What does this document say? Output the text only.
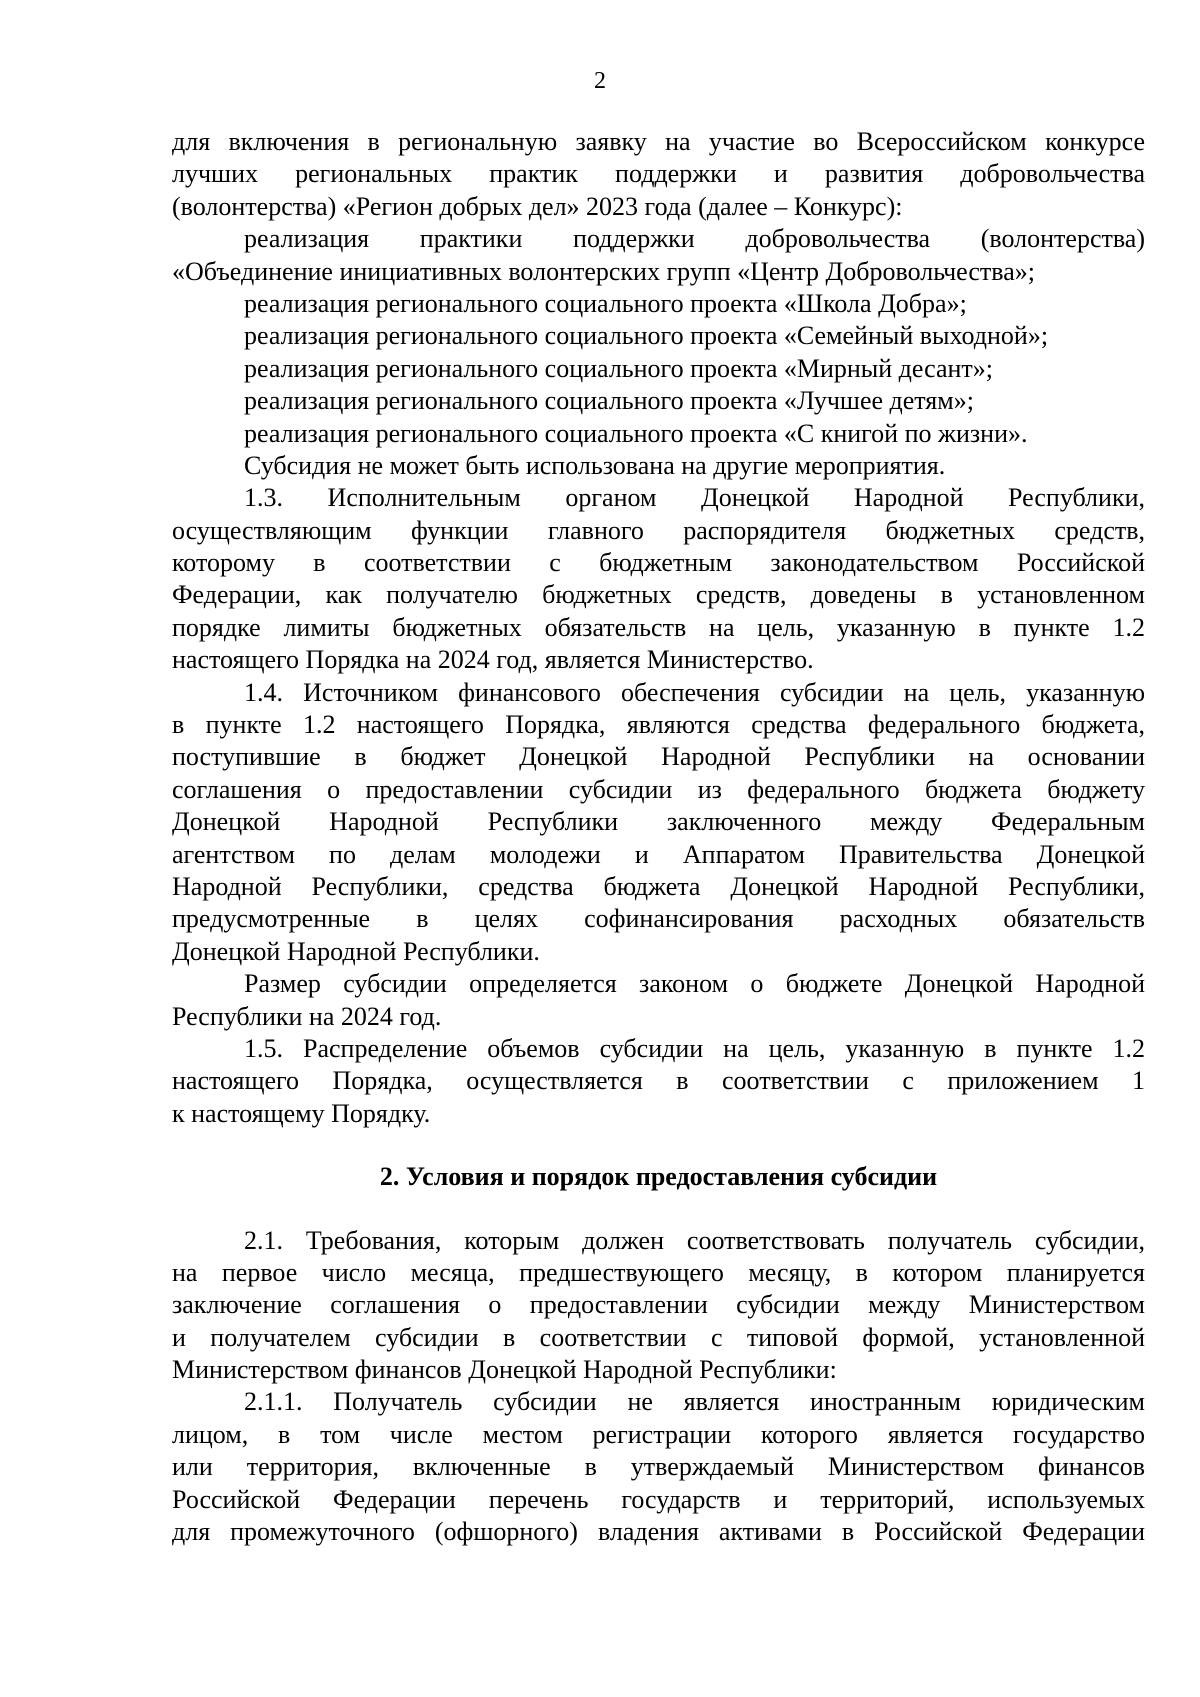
2
для включения в региональную заявку на участие во Всероссийском конкурсе
лучших региональных практик поддержки и развития добровольчества
(волонтерства) «Регион добрых дел» 2023 года (далее – Конкурс):
реализация практики поддержки добровольчества (волонтерства)
«Объединение инициативных волонтерских групп «Центр Добровольчества»;
реализация регионального социального проекта «Школа Добра»;
реализация регионального социального проекта «Семейный выходной»;
реализация регионального социального проекта «Мирный десант»;
реализация регионального социального проекта «Лучшее детям»;
реализация регионального социального проекта «С книгой по жизни».
Субсидия не может быть использована на другие мероприятия.
1.3. Исполнительным органом Донецкой Народной Республики,
осуществляющим функции главного распорядителя бюджетных средств,
которому в соответствии с бюджетным законодательством Российской
Федерации, как получателю бюджетных средств, доведены в установленном
порядке лимиты бюджетных обязательств на цель, указанную в пункте 1.2
настоящего Порядка на 2024 год, является Министерство.
1.4. Источником финансового обеспечения субсидии на цель, указанную
в пункте 1.2 настоящего Порядка, являются средства федерального бюджета,
поступившие в бюджет Донецкой Народной Республики на основании
соглашения о предоставлении субсидии из федерального бюджета бюджету
Донецкой Народной Республики заключенного между Федеральным
агентством по делам молодежи и Аппаратом Правительства Донецкой
Народной Республики, средства бюджета Донецкой Народной Республики,
предусмотренные в целях софинансирования расходных обязательств
Донецкой Народной Республики.
Размер субсидии определяется законом о бюджете Донецкой Народной
Республики на 2024 год.
1.5. Распределение объемов субсидии на цель, указанную в пункте 1.2
настоящего Порядка, осуществляется в соответствии с приложением 1
к настоящему Порядку.
2. Условия и порядок предоставления субсидии
2.1. Требования, которым должен соответствовать получатель субсидии,
на первое число месяца, предшествующего месяцу, в котором планируется
заключение соглашения о предоставлении субсидии между Министерством
и получателем субсидии в соответствии с типовой формой, установленной
Министерством финансов Донецкой Народной Республики:
2.1.1. Получатель субсидии не является иностранным юридическим
лицом, в том числе местом регистрации которого является государство
или территория, включенные в утверждаемый Министерством финансов
Российской Федерации перечень государств и территорий, используемых
для промежуточного (офшорного) владения активами в Российской Федерации
